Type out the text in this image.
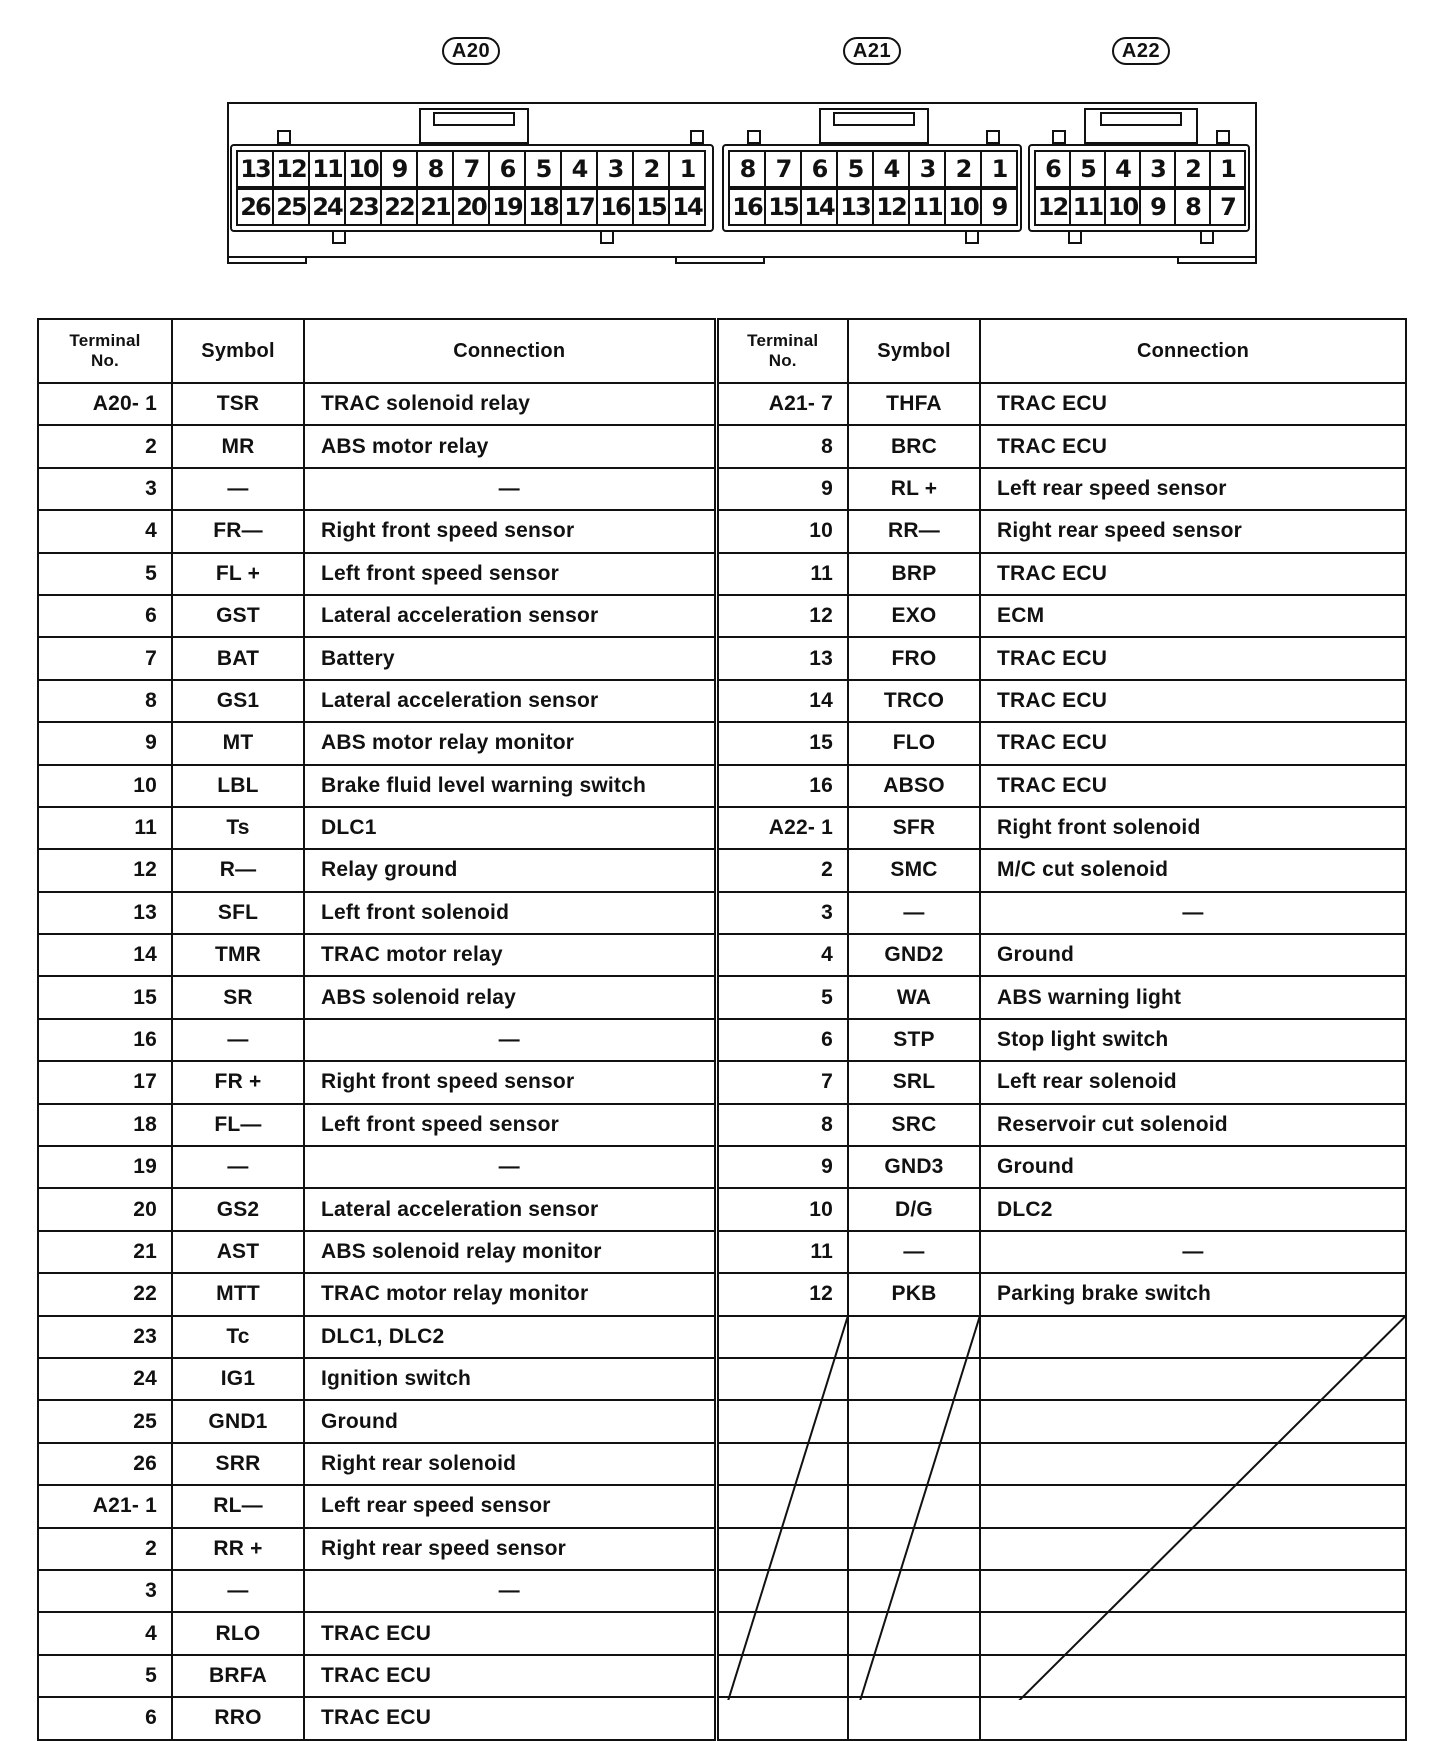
A20	A21	A22
13 12 11 10 9 8 7 6 5 4 3 2 1
26 25 24 23 22 21 20 19 18 17 16 15 14
8 7 6 5 4 3 2 1
16 15 14 13 12 11 10 9
6 5 4 3 2 1
12 11 10 9 8 7
Terminal
No.	Symbol	Connection	Terminal
No.	Symbol	Connection
A20- 1	TSR	TRAC solenoid relay	A21- 7	THFA	TRAC ECU
2	MR	ABS motor relay	8	BRC	TRAC ECU
3	—	—	9	RL +	Left rear speed sensor
4	FR—	Right front speed sensor	10	RR—	Right rear speed sensor
5	FL +	Left front speed sensor	11	BRP	TRAC ECU
6	GST	Lateral acceleration sensor	12	EXO	ECM
7	BAT	Battery	13	FRO	TRAC ECU
8	GS1	Lateral acceleration sensor	14	TRCO	TRAC ECU
9	MT	ABS motor relay monitor	15	FLO	TRAC ECU
10	LBL	Brake fluid level warning switch	16	ABSO	TRAC ECU
11	Ts	DLC1	A22- 1	SFR	Right front solenoid
12	R—	Relay ground	2	SMC	M/C cut solenoid
13	SFL	Left front solenoid	3	—	—
14	TMR	TRAC motor relay	4	GND2	Ground
15	SR	ABS solenoid relay	5	WA	ABS warning light
16	—	—	6	STP	Stop light switch
17	FR +	Right front speed sensor	7	SRL	Left rear solenoid
18	FL—	Left front speed sensor	8	SRC	Reservoir cut solenoid
19	—	—	9	GND3	Ground
20	GS2	Lateral acceleration sensor	10	D/G	DLC2
21	AST	ABS solenoid relay monitor	11	—	—
22	MTT	TRAC motor relay monitor	12	PKB	Parking brake switch
23	Tc	DLC1, DLC2			
24	IG1	Ignition switch			
25	GND1	Ground			
26	SRR	Right rear solenoid			
A21- 1	RL—	Left rear speed sensor			
2	RR +	Right rear speed sensor			
3	—	—			
4	RLO	TRAC ECU			
5	BRFA	TRAC ECU			
6	RRO	TRAC ECU			
